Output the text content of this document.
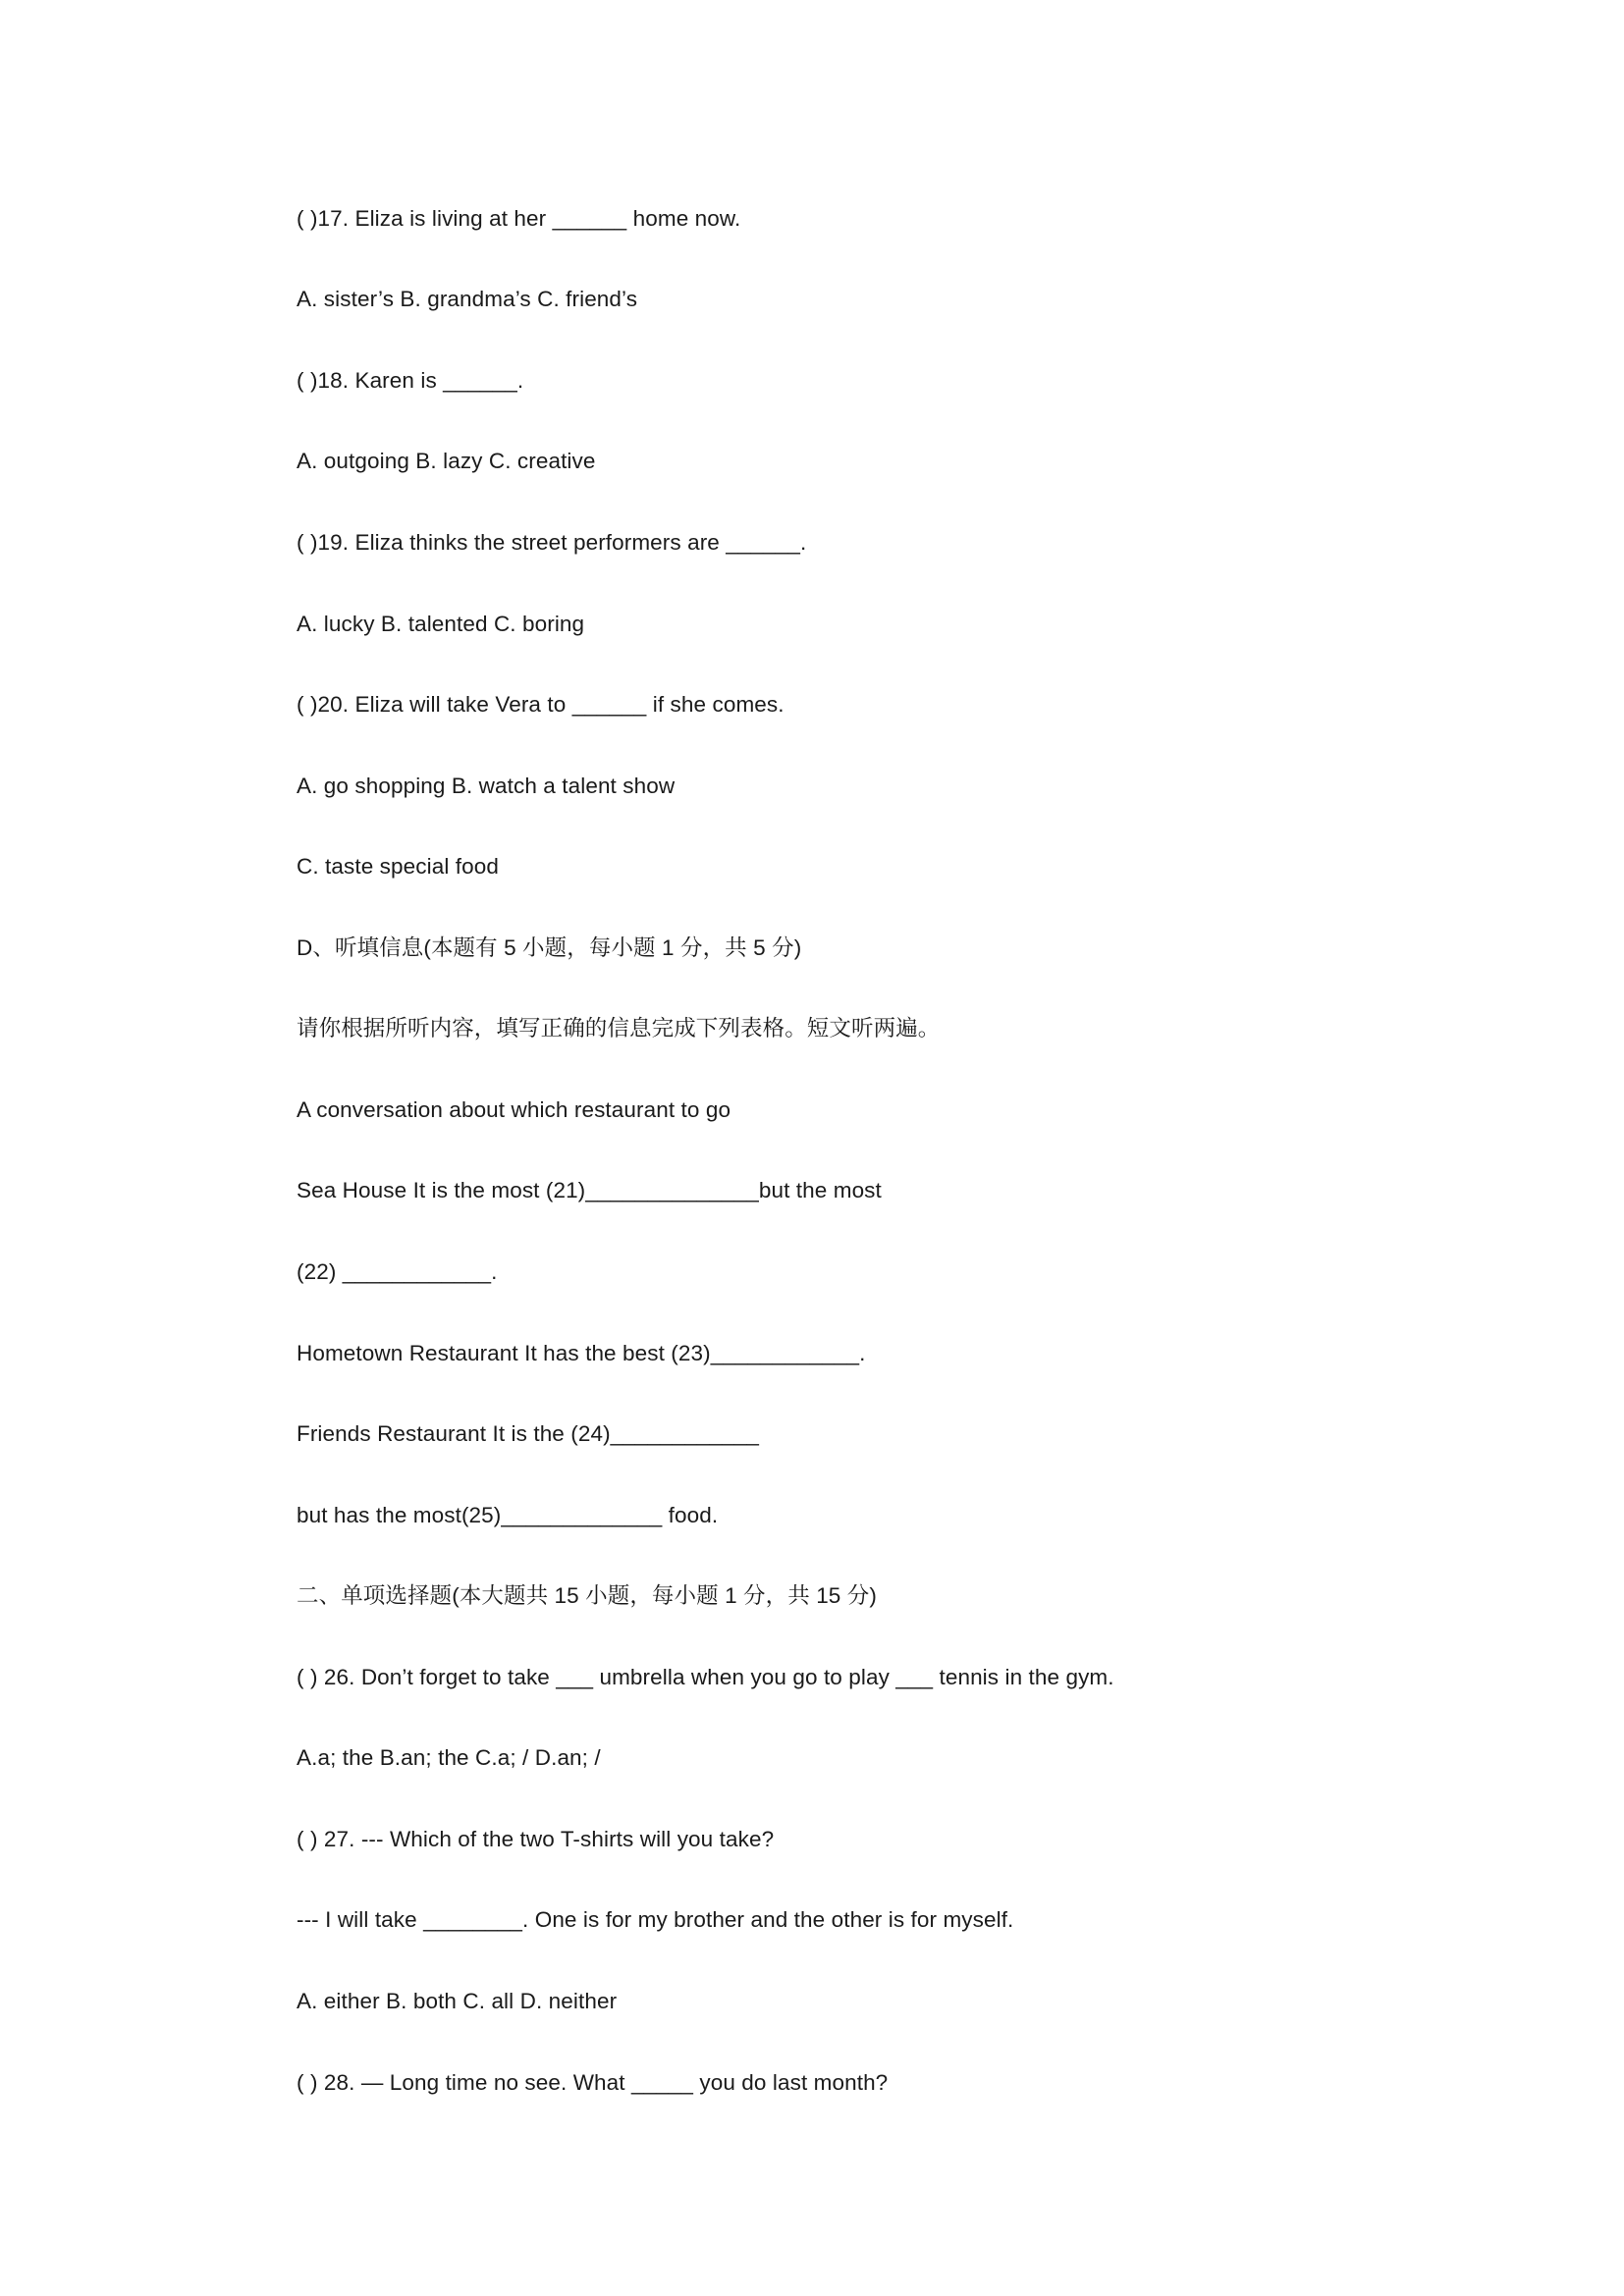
( )17. Eliza is living at her ______ home now.

A. sister’s B. grandma’s C. friend’s

( )18. Karen is ______.

A. outgoing B. lazy C. creative

( )19. Eliza thinks the street performers are ______.

A. lucky B. talented C. boring

( )20. Eliza will take Vera to ______ if she comes.

A. go shopping B. watch a talent show

C. taste special food

D、听填信息(本题有 5 小题，每小题 1 分，共 5 分)

请你根据所听内容，填写正确的信息完成下列表格。短文听两遍。

A conversation about which restaurant to go

Sea House It is the most (21)______________but the most

(22) ____________.

Hometown Restaurant It has the best (23)____________.

Friends Restaurant It is the (24)____________

but has the most(25)_____________ food.

二、单项选择题(本大题共 15 小题，每小题 1 分，共 15 分)

( ) 26. Don’t forget to take ___ umbrella when you go to play ___ tennis in the gym.

A.a; the B.an; the C.a; / D.an; /

( ) 27. --- Which of the two T-shirts will you take?

--- I will take ________. One is for my brother and the other is for myself.

A. either B. both C. all D. neither

( ) 28. — Long time no see. What _____ you do last month?
